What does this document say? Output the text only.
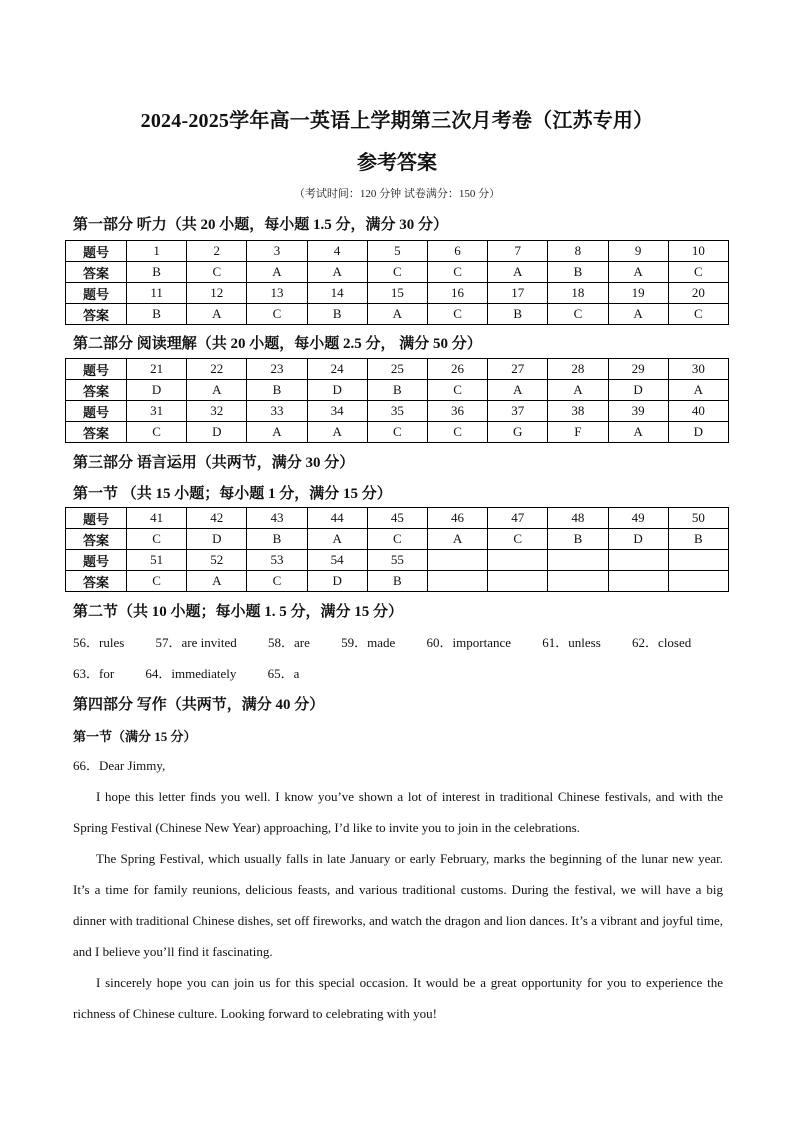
2024-2025学年高一英语上学期第三次月考卷（江苏专用）
参考答案
（考试时间：120 分钟 试卷满分：150 分）
第一部分 听力（共 20 小题，每小题 1.5 分，满分 30 分）
题号	1	2	3	4	5	6	7	8	9	10
答案	B	C	A	A	C	C	A	B	A	C
题号	11	12	13	14	15	16	17	18	19	20
答案	B	A	C	B	A	C	B	C	A	C
第二部分 阅读理解（共 20 小题，每小题 2.5 分， 满分 50 分）
题号	21	22	23	24	25	26	27	28	29	30
答案	D	A	B	D	B	C	A	A	D	A
题号	31	32	33	34	35	36	37	38	39	40
答案	C	D	A	A	C	C	G	F	A	D
第三部分 语言运用（共两节，满分 30 分）
第一节 （共 15 小题；每小题 1 分，满分 15 分）
题号	41	42	43	44	45	46	47	48	49	50
答案	C	D	B	A	C	A	C	B	D	B
题号	51	52	53	54	55					
答案	C	A	C	D	B					
第二节（共 10 小题；每小题 1. 5 分，满分 15 分）
56．rules 57．are invited 58．are 59．made 60．importance 61．unless 62．closed
63．for 64．immediately 65．a
第四部分 写作（共两节，满分 40 分）
第一节（满分 15 分）
66．Dear Jimmy,

I hope this letter finds you well. I know you’ve shown a lot of interest in traditional Chinese festivals, and with the Spring Festival (Chinese New Year) approaching, I’d like to invite you to join in the celebrations.

The Spring Festival, which usually falls in late January or early February, marks the beginning of the lunar new year. It’s a time for family reunions, delicious feasts, and various traditional customs. During the festival, we will have a big dinner with traditional Chinese dishes, set off fireworks, and watch the dragon and lion dances. It’s a vibrant and joyful time, and I believe you’ll find it fascinating.

I sincerely hope you can join us for this special occasion. It would be a great opportunity for you to experience the richness of Chinese culture. Looking forward to celebrating with you!
